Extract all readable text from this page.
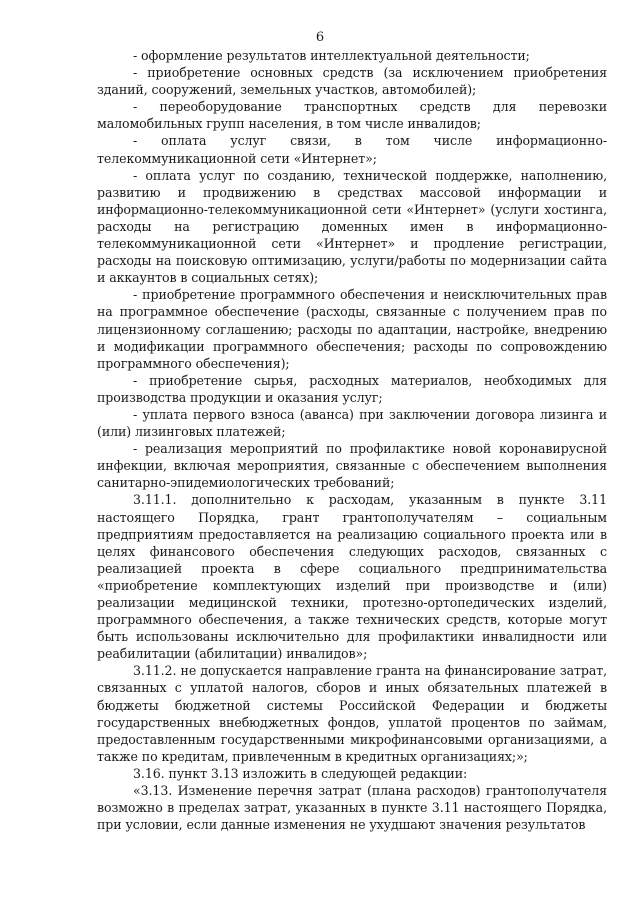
6

- оформление результатов интеллектуальной деятельности;

- приобретение основных средств (за исключением приобретения зданий, сооружений, земельных участков, автомобилей);

- переоборудование транспортных средств для перевозки маломобильных групп населения, в том числе инвалидов;

- оплата услуг связи, в том числе информационно-телекоммуникационной сети «Интернет»;

- оплата услуг по созданию, технической поддержке, наполнению, развитию и продвижению в средствах массовой информации и информационно-телекоммуникационной сети «Интернет» (услуги хостинга, расходы на регистрацию доменных имен в информационно-телекоммуникационной сети «Интернет» и продление регистрации, расходы на поисковую оптимизацию, услуги/работы по модернизации сайта и аккаунтов в социальных сетях);

- приобретение программного обеспечения и неисключительных прав на программное обеспечение (расходы, связанные с получением прав по лицензионному соглашению; расходы по адаптации, настройке, внедрению и модификации программного обеспечения; расходы по сопровождению программного обеспечения);

- приобретение сырья, расходных материалов, необходимых для производства продукции и оказания услуг;

- уплата первого взноса (аванса) при заключении договора лизинга и (или) лизинговых платежей;

- реализация мероприятий по профилактике новой коронавирусной инфекции, включая мероприятия, связанные с обеспечением выполнения санитарно-эпидемиологических требований;

3.11.1. дополнительно к расходам, указанным в пункте 3.11 настоящего Порядка, грант грантополучателям – социальным предприятиям предоставляется на реализацию социального проекта или в целях финансового обеспечения следующих расходов, связанных с реализацией проекта в сфере социального предпринимательства «приобретение комплектующих изделий при производстве и (или) реализации медицинской техники, протезно-ортопедических изделий, программного обеспечения, а также технических средств, которые могут быть использованы исключительно для профилактики инвалидности или реабилитации (абилитации) инвалидов»;

3.11.2. не допускается направление гранта на финансирование затрат, связанных с уплатой налогов, сборов и иных обязательных платежей в бюджеты бюджетной системы Российской Федерации и бюджеты государственных внебюджетных фондов, уплатой процентов по займам, предоставленным государственными микрофинансовыми организациями, а также по кредитам, привлеченным в кредитных организациях;»;

3.16. пункт 3.13 изложить в следующей редакции:

«3.13. Изменение перечня затрат (плана расходов) грантополучателя возможно в пределах затрат, указанных в пункте 3.11 настоящего Порядка, при условии, если данные изменения не ухудшают значения результатов
